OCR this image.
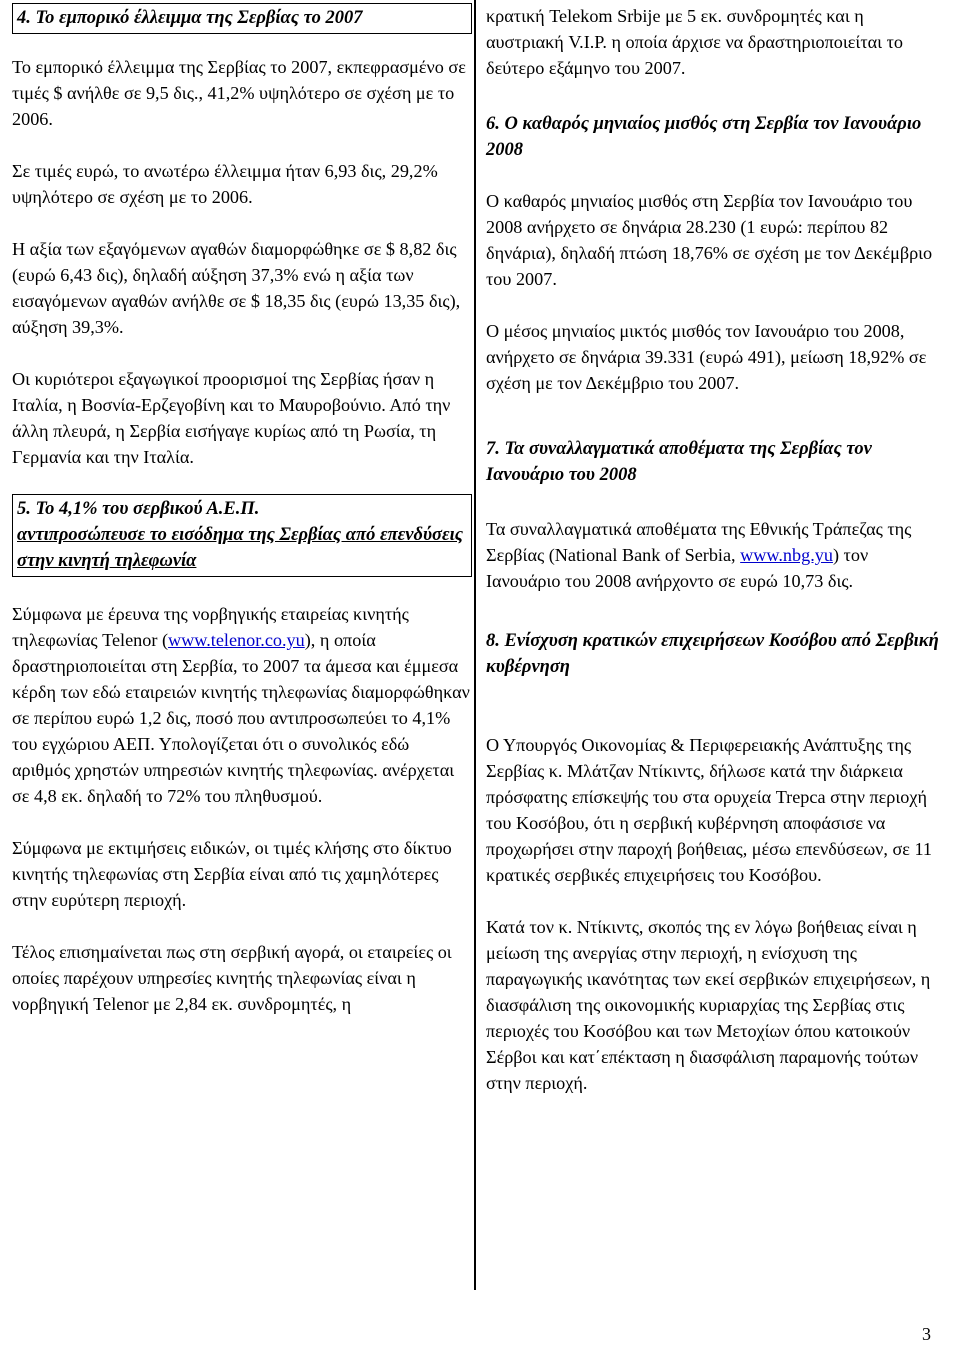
4. Το εμπορικό έλλειμμα της Σερβίας το 2007

Το εμπορικό έλλειμμα της Σερβίας το 2007, εκπεφρασμένο σε τιμές $ ανήλθε σε 9,5 δις., 41,2% υψηλότερο σε σχέση με το 2006.

Σε τιμές ευρώ, το ανωτέρω έλλειμμα ήταν 6,93 δις, 29,2% υψηλότερο σε σχέση με το 2006.

Η αξία των εξαγόμενων αγαθών διαμορφώθηκε σε $ 8,82 δις (ευρώ 6,43 δις), δηλαδή αύξηση 37,3% ενώ η αξία των εισαγόμενων αγαθών ανήλθε σε $ 18,35 δις (ευρώ 13,35 δις), αύξηση 39,3%.

Οι κυριότεροι εξαγωγικοί προορισμοί της Σερβίας ήσαν η Ιταλία, η Βοσνία-Ερζεγοβίνη και το Μαυροβούνιο. Από την άλλη πλευρά, η Σερβία εισήγαγε κυρίως από τη Ρωσία, τη Γερμανία και την Ιταλία.

5. Το 4,1% του σερβικού Α.Ε.Π.
αντιπροσώπευσε το εισόδημα της Σερβίας από επενδύσεις στην κινητή τηλεφωνία

Σύμφωνα με έρευνα της νορβηγικής εταιρείας κινητής τηλεφωνίας Telenor (www.telenor.co.yu), η οποία δραστηριοποιείται στη Σερβία, το 2007 τα άμεσα και έμμεσα κέρδη των εδώ εταιρειών κινητής τηλεφωνίας διαμορφώθηκαν σε περίπου ευρώ 1,2 δις, ποσό που αντιπροσωπεύει το 4,1% του εγχώριου ΑΕΠ. Υπολογίζεται ότι ο συνολικός εδώ αριθμός χρηστών υπηρεσιών κινητής τηλεφωνίας. ανέρχεται σε 4,8 εκ. δηλαδή το 72% του πληθυσμού.

Σύμφωνα με εκτιμήσεις ειδικών, οι τιμές κλήσης στο δίκτυο κινητής τηλεφωνίας στη Σερβία είναι από τις χαμηλότερες στην ευρύτερη περιοχή.

Τέλος επισημαίνεται πως στη σερβική αγορά, οι εταιρείες οι οποίες παρέχουν υπηρεσίες κινητής τηλεφωνίας είναι η νορβηγική Telenor με 2,84 εκ. συνδρομητές, η

κρατική Telekom Srbije με 5 εκ. συνδρομητές και η αυστριακή V.I.P. η οποία άρχισε να δραστηριοποιείται το δεύτερο εξάμηνο του 2007.

6. Ο καθαρός μηνιαίος μισθός στη Σερβία τον Ιανουάριο 2008

Ο καθαρός μηνιαίος μισθός στη Σερβία τον Ιανουάριο του 2008 ανήρχετο σε δηνάρια 28.230 (1 ευρώ: περίπου 82 δηνάρια), δηλαδή πτώση 18,76% σε σχέση με τον Δεκέμβριο του 2007.

Ο μέσος μηνιαίος μικτός μισθός τον Ιανουάριο του 2008, ανήρχετο σε δηνάρια 39.331 (ευρώ 491), μείωση 18,92% σε σχέση με τον Δεκέμβριο του 2007.

7. Τα συναλλαγματικά αποθέματα της Σερβίας τον Ιανουάριο του 2008

Τα συναλλαγματικά αποθέματα της Εθνικής Τράπεζας της Σερβίας (National Bank of Serbia, www.nbg.yu) τον Ιανουάριο του 2008 ανήρχοντο σε ευρώ 10,73 δις.

8. Ενίσχυση κρατικών επιχειρήσεων Κοσόβου από Σερβική κυβέρνηση

Ο Υπουργός Οικονομίας & Περιφερειακής Ανάπτυξης της Σερβίας κ. Μλάτζαν Ντίκιντς, δήλωσε κατά την διάρκεια πρόσφατης επίσκεψής του στα ορυχεία Trepca στην περιοχή του Κοσόβου, ότι η σερβική κυβέρνηση αποφάσισε να προχωρήσει στην παροχή βοήθειας, μέσω επενδύσεων, σε 11 κρατικές σερβικές επιχειρήσεις του Κοσόβου.

Κατά τον κ. Ντίκιντς, σκοπός της εν λόγω βοήθειας είναι η μείωση της ανεργίας στην περιοχή, η ενίσχυση της παραγωγικής ικανότητας των εκεί σερβικών επιχειρήσεων, η διασφάλιση της οικονομικής κυριαρχίας της Σερβίας στις περιοχές του Κοσόβου και των Μετοχίων όπου κατοικούν Σέρβοι και κατ΄επέκταση η διασφάλιση παραμονής τούτων στην περιοχή.

3
